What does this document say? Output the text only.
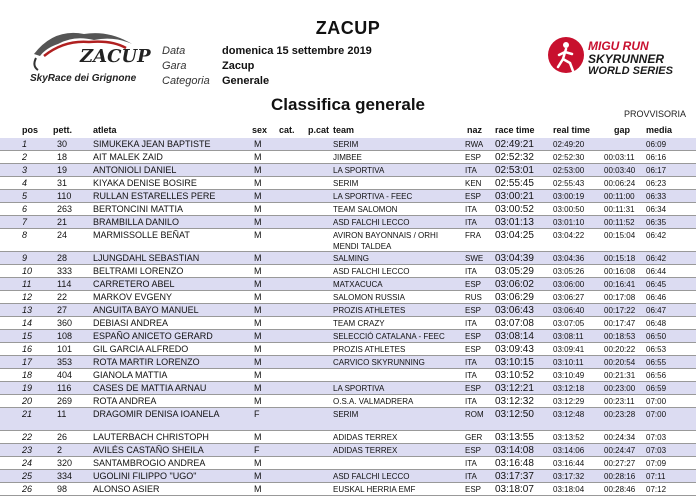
ZACUP
SkyRace dei Grignone
ZACUP
Data	domenica 15 settembre 2019
Gara	Zacup
Categoria Generale
MIGU RUN
SKYRUNNER
WORLD SERIES
Classifica generale	PROVVISORIA
pos pett. atleta	sex cat. p.cat team	naz race time real time	gap media
1	30	SIMUKEKA JEAN BAPTISTE	M	SERIM	RWA 02:49:21 02:49:20	06:09
2	18	AIT MALEK ZAID	M	JIMBEE	ESP 02:52:32 02:52:30 00:03:11 06:16
3	19	ANTONIOLI DANIEL	M	LA SPORTIVA	ITA 02:53:01 02:53:00 00:03:40 06:17
4	31	KIYAKA DENISE BOSIRE	M	SERIM	KEN 02:55:45 02:55:43 00:06:24 06:23
5	110 RULLAN ESTARELLES PERE	M	LA SPORTIVA - FEEC	ESP 03:00:21 03:00:19 00:11:00 06:33
6	263 BERTONCINI MATTIA	M	TEAM SALOMON	ITA 03:00:52 03:00:50 00:11:31 06:34
7	21	BRAMBILLA DANILO	M	ASD FALCHI LECCO	ITA 03:01:13 03:01:10 00:11:52 06:35
8	24	MARMISSOLLE BEÑAT	M	AVIRON BAYONNAIS / ORHI MENDI TALDEA
FRA 03:04:25 03:04:22 00:15:04 06:42
9	28	LJUNGDAHL SEBASTIAN	M	SALMING	SWE 03:04:39 03:04:36 00:15:18 06:42
10	333 BELTRAMI LORENZO	M	ASD FALCHI LECCO	ITA 03:05:29 03:05:26 00:16:08 06:44
11	114 CARRETERO ABEL	M	MATXACUCA	ESP 03:06:02 03:06:00 00:16:41 06:45
12	22	MARKOV EVGENY	M	SALOMON RUSSIA	RUS 03:06:29 03:06:27 00:17:08 06:46
13	27	ANGUITA BAYO MANUEL	M	PROZIS ATHLETES	ESP 03:06:43 03:06:40 00:17:22 06:47
14	360 DEBIASI ANDREA	M	TEAM CRAZY	ITA 03:07:08 03:07:05 00:17:47 06:48
15	108 ESPAÑO ANICETO GERARD	M	SELECCIÓ CATALANA - FEEC	ESP 03:08:14 03:08:11	00:18:53 06:50
16	101 GIL GARCIA ALFREDO	M	PROZIS ATHLETES	ESP 03:09:43 03:09:41 00:20:22 06:53
17	353 ROTA MARTIR LORENZO	M	CARVICO SKYRUNNING	ITA 03:10:15 03:10:11	00:20:54 06:55
18	404 GIANOLA MATTIA	M	ITA 03:10:52 03:10:49 00:21:31 06:56
19	116 CASES DE MATTIA ARNAU	M	LA SPORTIVA	ESP 03:12:21 03:12:18 00:23:00 06:59
20	269 ROTA ANDREA	M	O.S.A. VALMADRERA	ITA 03:12:32 03:12:29 00:23:11 07:00
21	11	DRAGOMIR DENISA IOANELA	F	SERIM	ROM 03:12:50 03:12:48 00:23:28 07:00
22	26	LAUTERBACH CHRISTOPH	M	ADIDAS TERREX	GER 03:13:55 03:13:52 00:24:34 07:03
23	2	AVILÉS CASTAÑO SHEILA	F	ADIDAS TERREX	ESP 03:14:08 03:14:06 00:24:47 07:03
24	320 SANTAMBROGIO ANDREA	M	ITA 03:16:48 03:16:44 00:27:27 07:09
25	334 UGOLINI FILIPPO "UGO"	M	ASD FALCHI LECCO	ITA 03:17:37 03:17:32 00:28:16 07:11
26	98	ALONSO ASIER	M	EUSKAL HERRIA EMF	ESP 03:18:07 03:18:04 00:28:46 07:12
